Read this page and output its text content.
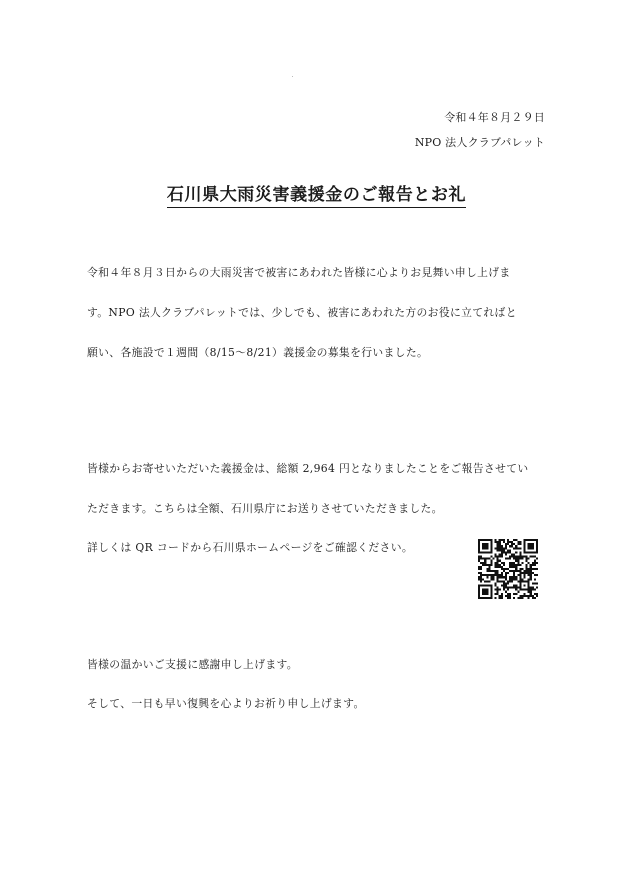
令和４年８月２９日
NPO 法人クラブパレット
石川県大雨災害義援金のご報告とお礼
令和４年８月３日からの大雨災害で被害にあわれた皆様に心よりお見舞い申し上げま
す。NPO 法人クラブパレットでは、少しでも、被害にあわれた方のお役に立てればと
願い、各施設で１週間（8/15〜8/21）義援金の募集を行いました。
皆様からお寄せいただいた義援金は、総額 2,964 円となりましたことをご報告させてい
ただきます。こちらは全額、石川県庁にお送りさせていただきました。
詳しくは QR コードから石川県ホームページをご確認ください。
皆様の温かいご支援に感謝申し上げます。
そして、一日も早い復興を心よりお祈り申し上げます。
